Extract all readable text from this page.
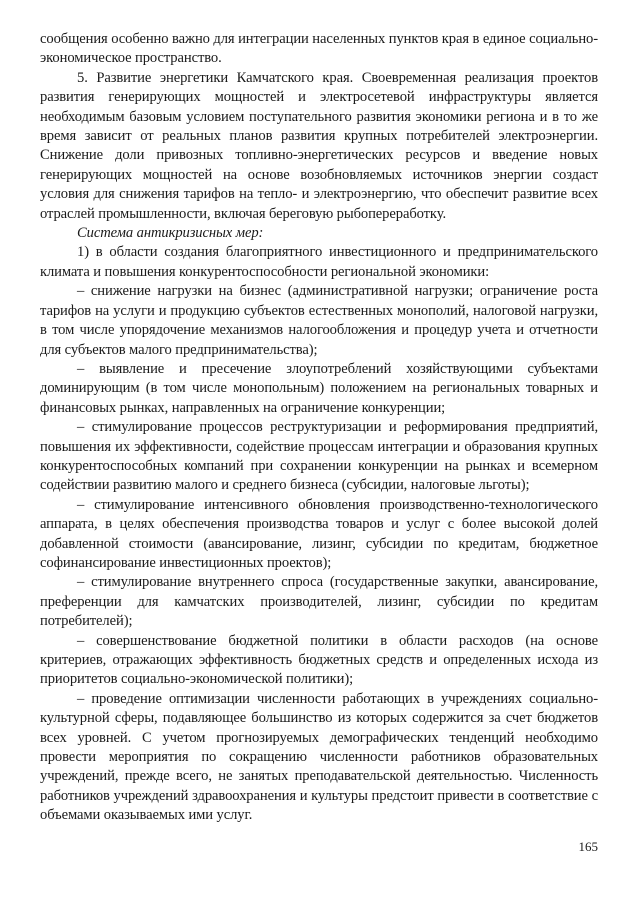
сообщения особенно важно для интеграции населенных пунктов края в единое социально-экономическое пространство.

5. Развитие энергетики Камчатского края. Своевременная реализация проектов развития генерирующих мощностей и электросетевой инфраструктуры является необходимым базовым условием поступательного развития экономики региона и в то же время зависит от реальных планов развития крупных потребителей электроэнергии. Снижение доли привозных топливно-энергетических ресурсов и введение новых генерирующих мощностей на основе возобновляемых источников энергии создаст условия для снижения тарифов на тепло- и электроэнергию, что обеспечит развитие всех отраслей промышленности, включая береговую рыбопереработку.

Система антикризисных мер:

1) в области создания благоприятного инвестиционного и предпринимательского климата и повышения конкурентоспособности региональной экономики:

– снижение нагрузки на бизнес (административной нагрузки; ограничение роста тарифов на услуги и продукцию субъектов естественных монополий, налоговой нагрузки, в том числе упорядочение механизмов налогообложения и процедур учета и отчетности для субъектов малого предпринимательства);

– выявление и пресечение злоупотреблений хозяйствующими субъектами доминирующим (в том числе монопольным) положением на региональных товарных и финансовых рынках, направленных на ограничение конкуренции;

– стимулирование процессов реструктуризации и реформирования предприятий, повышения их эффективности, содействие процессам интеграции и образования крупных конкурентоспособных компаний при сохранении конкуренции на рынках и всемерном содействии развитию малого и среднего бизнеса (субсидии, налоговые льготы);

– стимулирование интенсивного обновления производственно-технологического аппарата, в целях обеспечения производства товаров и услуг с более высокой долей добавленной стоимости (авансирование, лизинг, субсидии по кредитам, бюджетное софинансирование инвестиционных проектов);

– стимулирование внутреннего спроса (государственные закупки, авансирование, преференции для камчатских производителей, лизинг, субсидии по кредитам потребителей);

– совершенствование бюджетной политики в области расходов (на основе критериев, отражающих эффективность бюджетных средств и определенных исхода из приоритетов социально-экономической политики);

– проведение оптимизации численности работающих в учреждениях социально-культурной сферы, подавляющее большинство из которых содержится за счет бюджетов всех уровней. С учетом прогнозируемых демографических тенденций необходимо провести мероприятия по сокращению численности работников образовательных учреждений, прежде всего, не занятых преподавательской деятельностью. Численность работников учреждений здравоохранения и культуры предстоит привести в соответствие с объемами оказываемых ими услуг.

165
